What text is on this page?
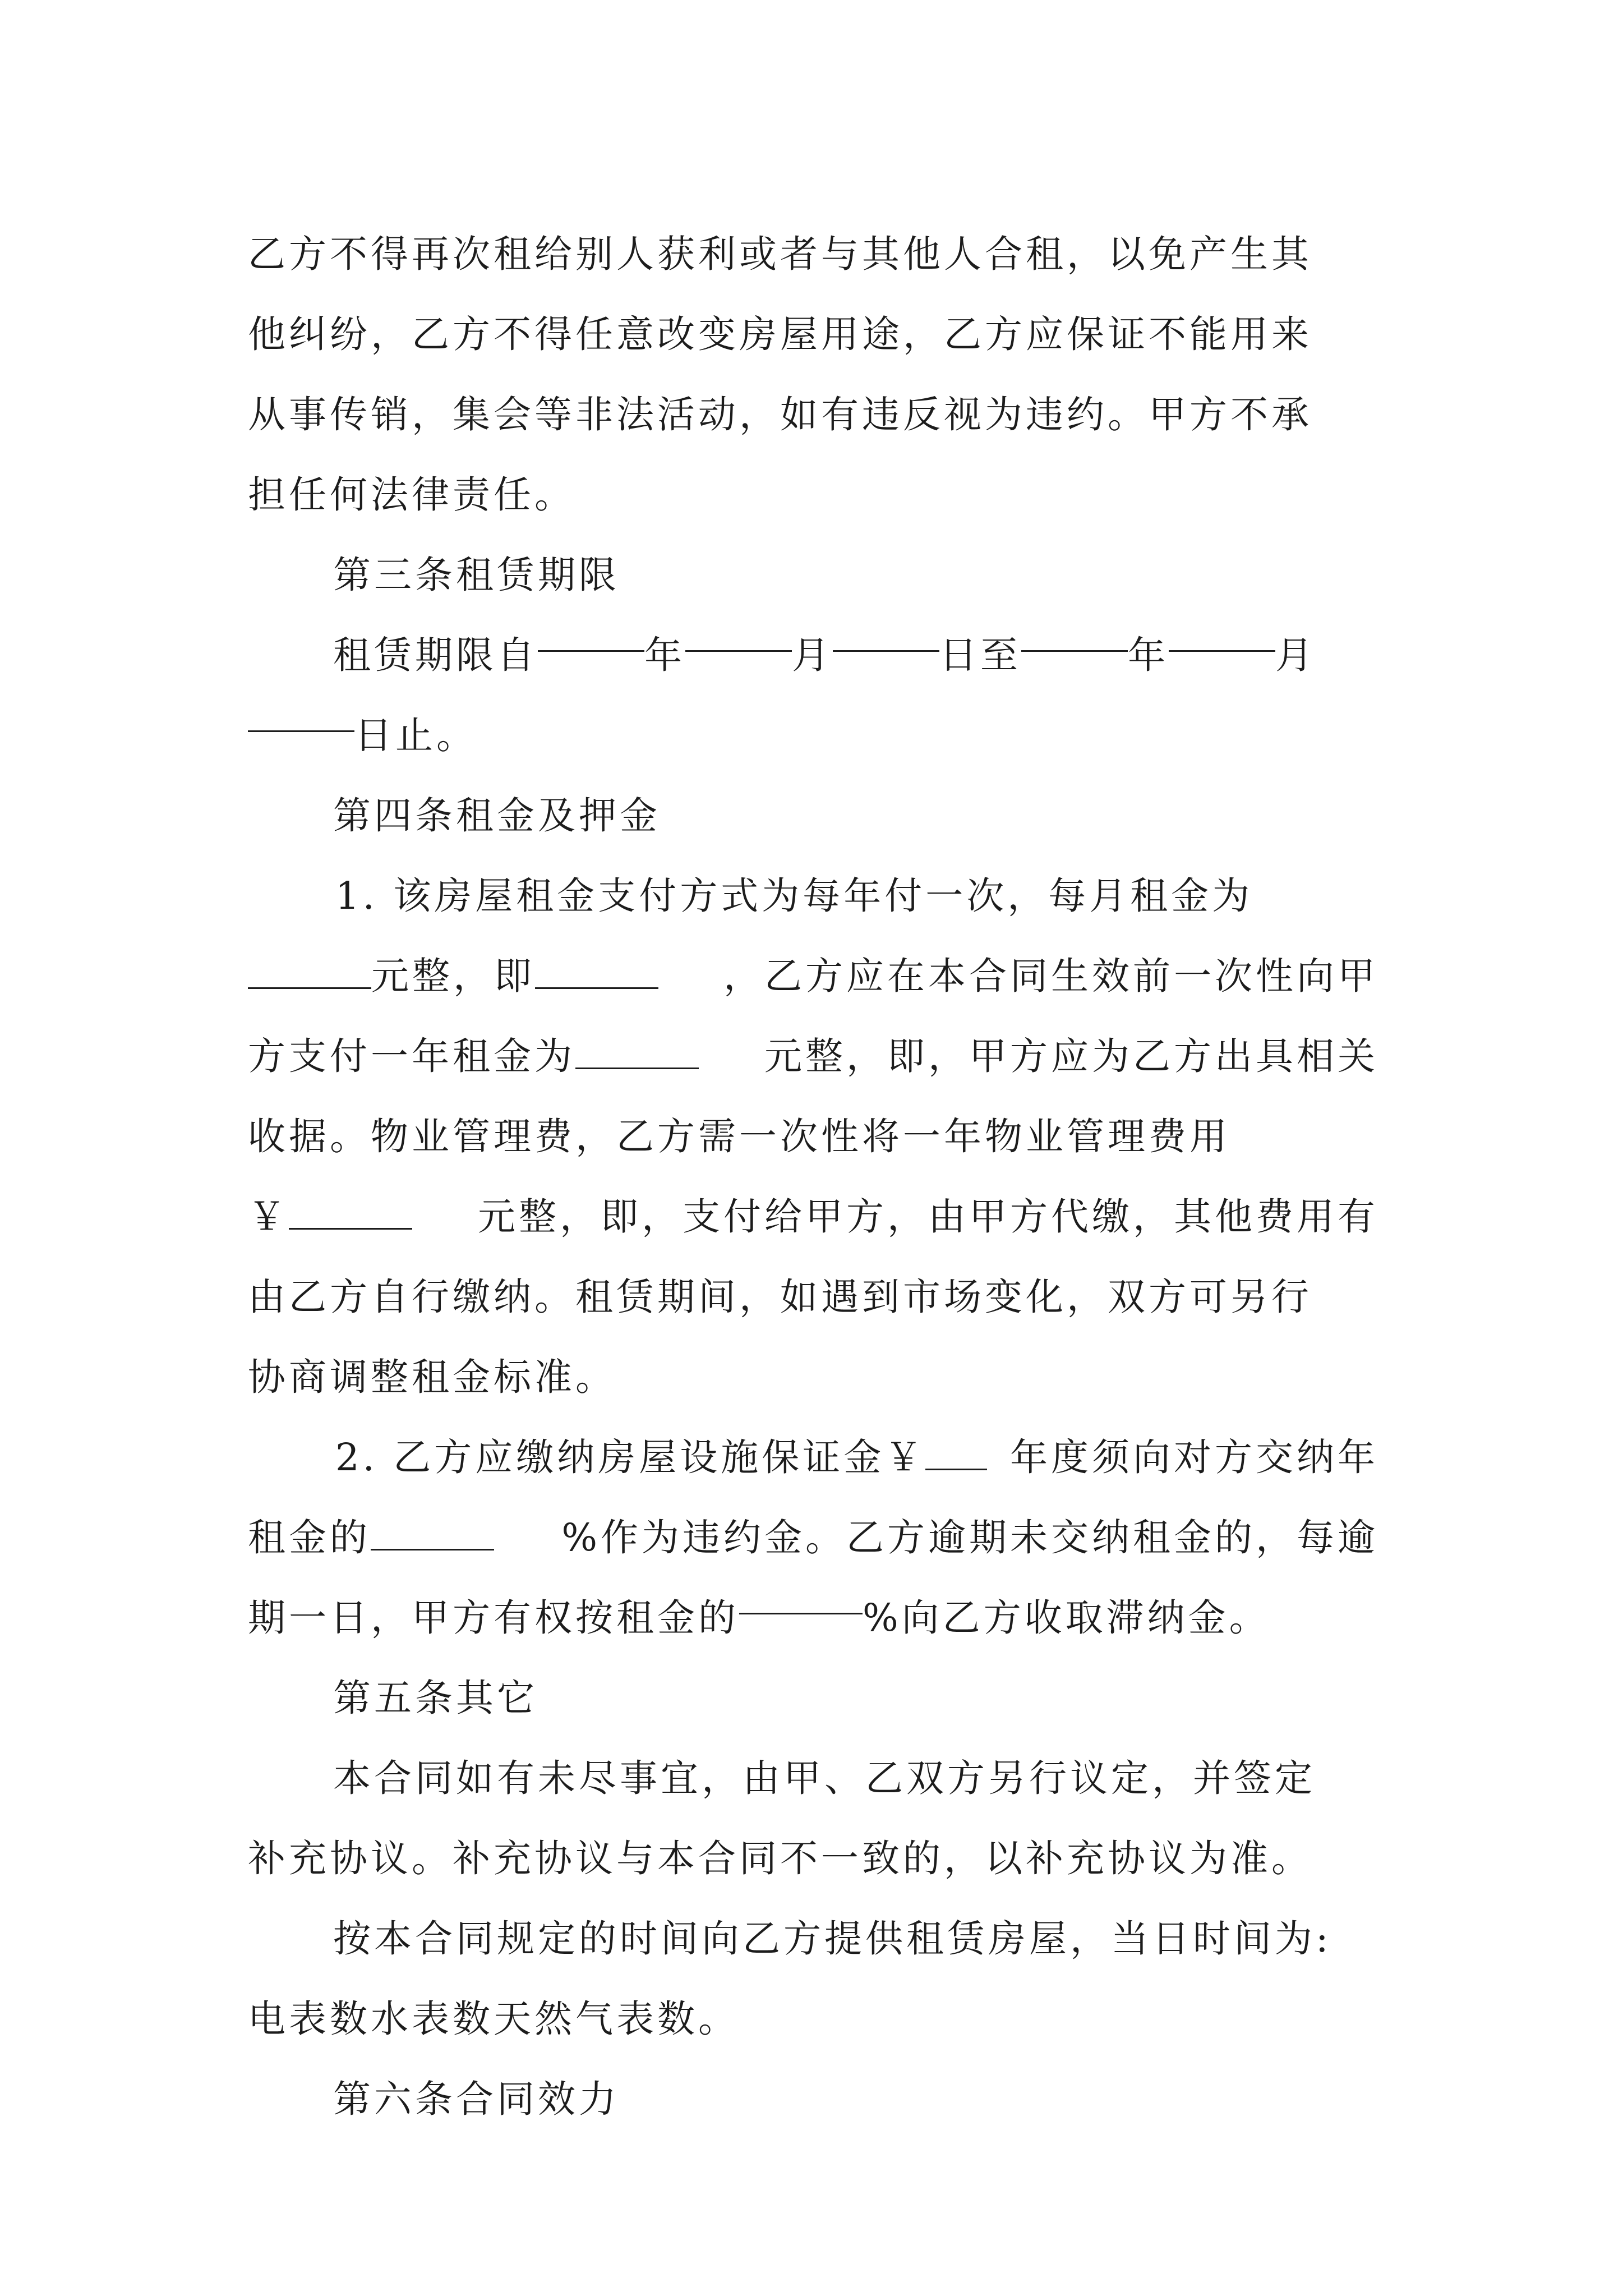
乙方不得再次租给别人获利或者与其他人合租，以免产生其
他纠纷，乙方不得任意改变房屋用途，乙方应保证不能用来
从事传销，集会等非法活动，如有违反视为违约。甲方不承
担任何法律责任。
第三条租赁期限
租赁期限自	年	月	日至	年	月
日止。
第四条租金及押金
1. 该房屋租金支付方式为每年付一次，每月租金为
元整，即	，乙方应在本合同生效前一次性向甲
方支付一年租金为	元整，即，甲方应为乙方出具相关
收据。物业管理费，乙方需一次性将一年物业管理费用
￥	元整，即，支付给甲方，由甲方代缴，其他费用有
由乙方自行缴纳。租赁期间，如遇到市场变化，双方可另行
协商调整租金标准。
2. 乙方应缴纳房屋设施保证金￥	年度须向对方交纳年
租金的	%作为违约金。乙方逾期未交纳租金的，每逾
期一日，甲方有权按租金的	%向乙方收取滞纳金。
第五条其它
本合同如有未尽事宜，由甲、乙双方另行议定，并签定
补充协议。补充协议与本合同不一致的，以补充协议为准。
按本合同规定的时间向乙方提供租赁房屋，当日时间为:
电表数水表数天然气表数。
第六条合同效力
